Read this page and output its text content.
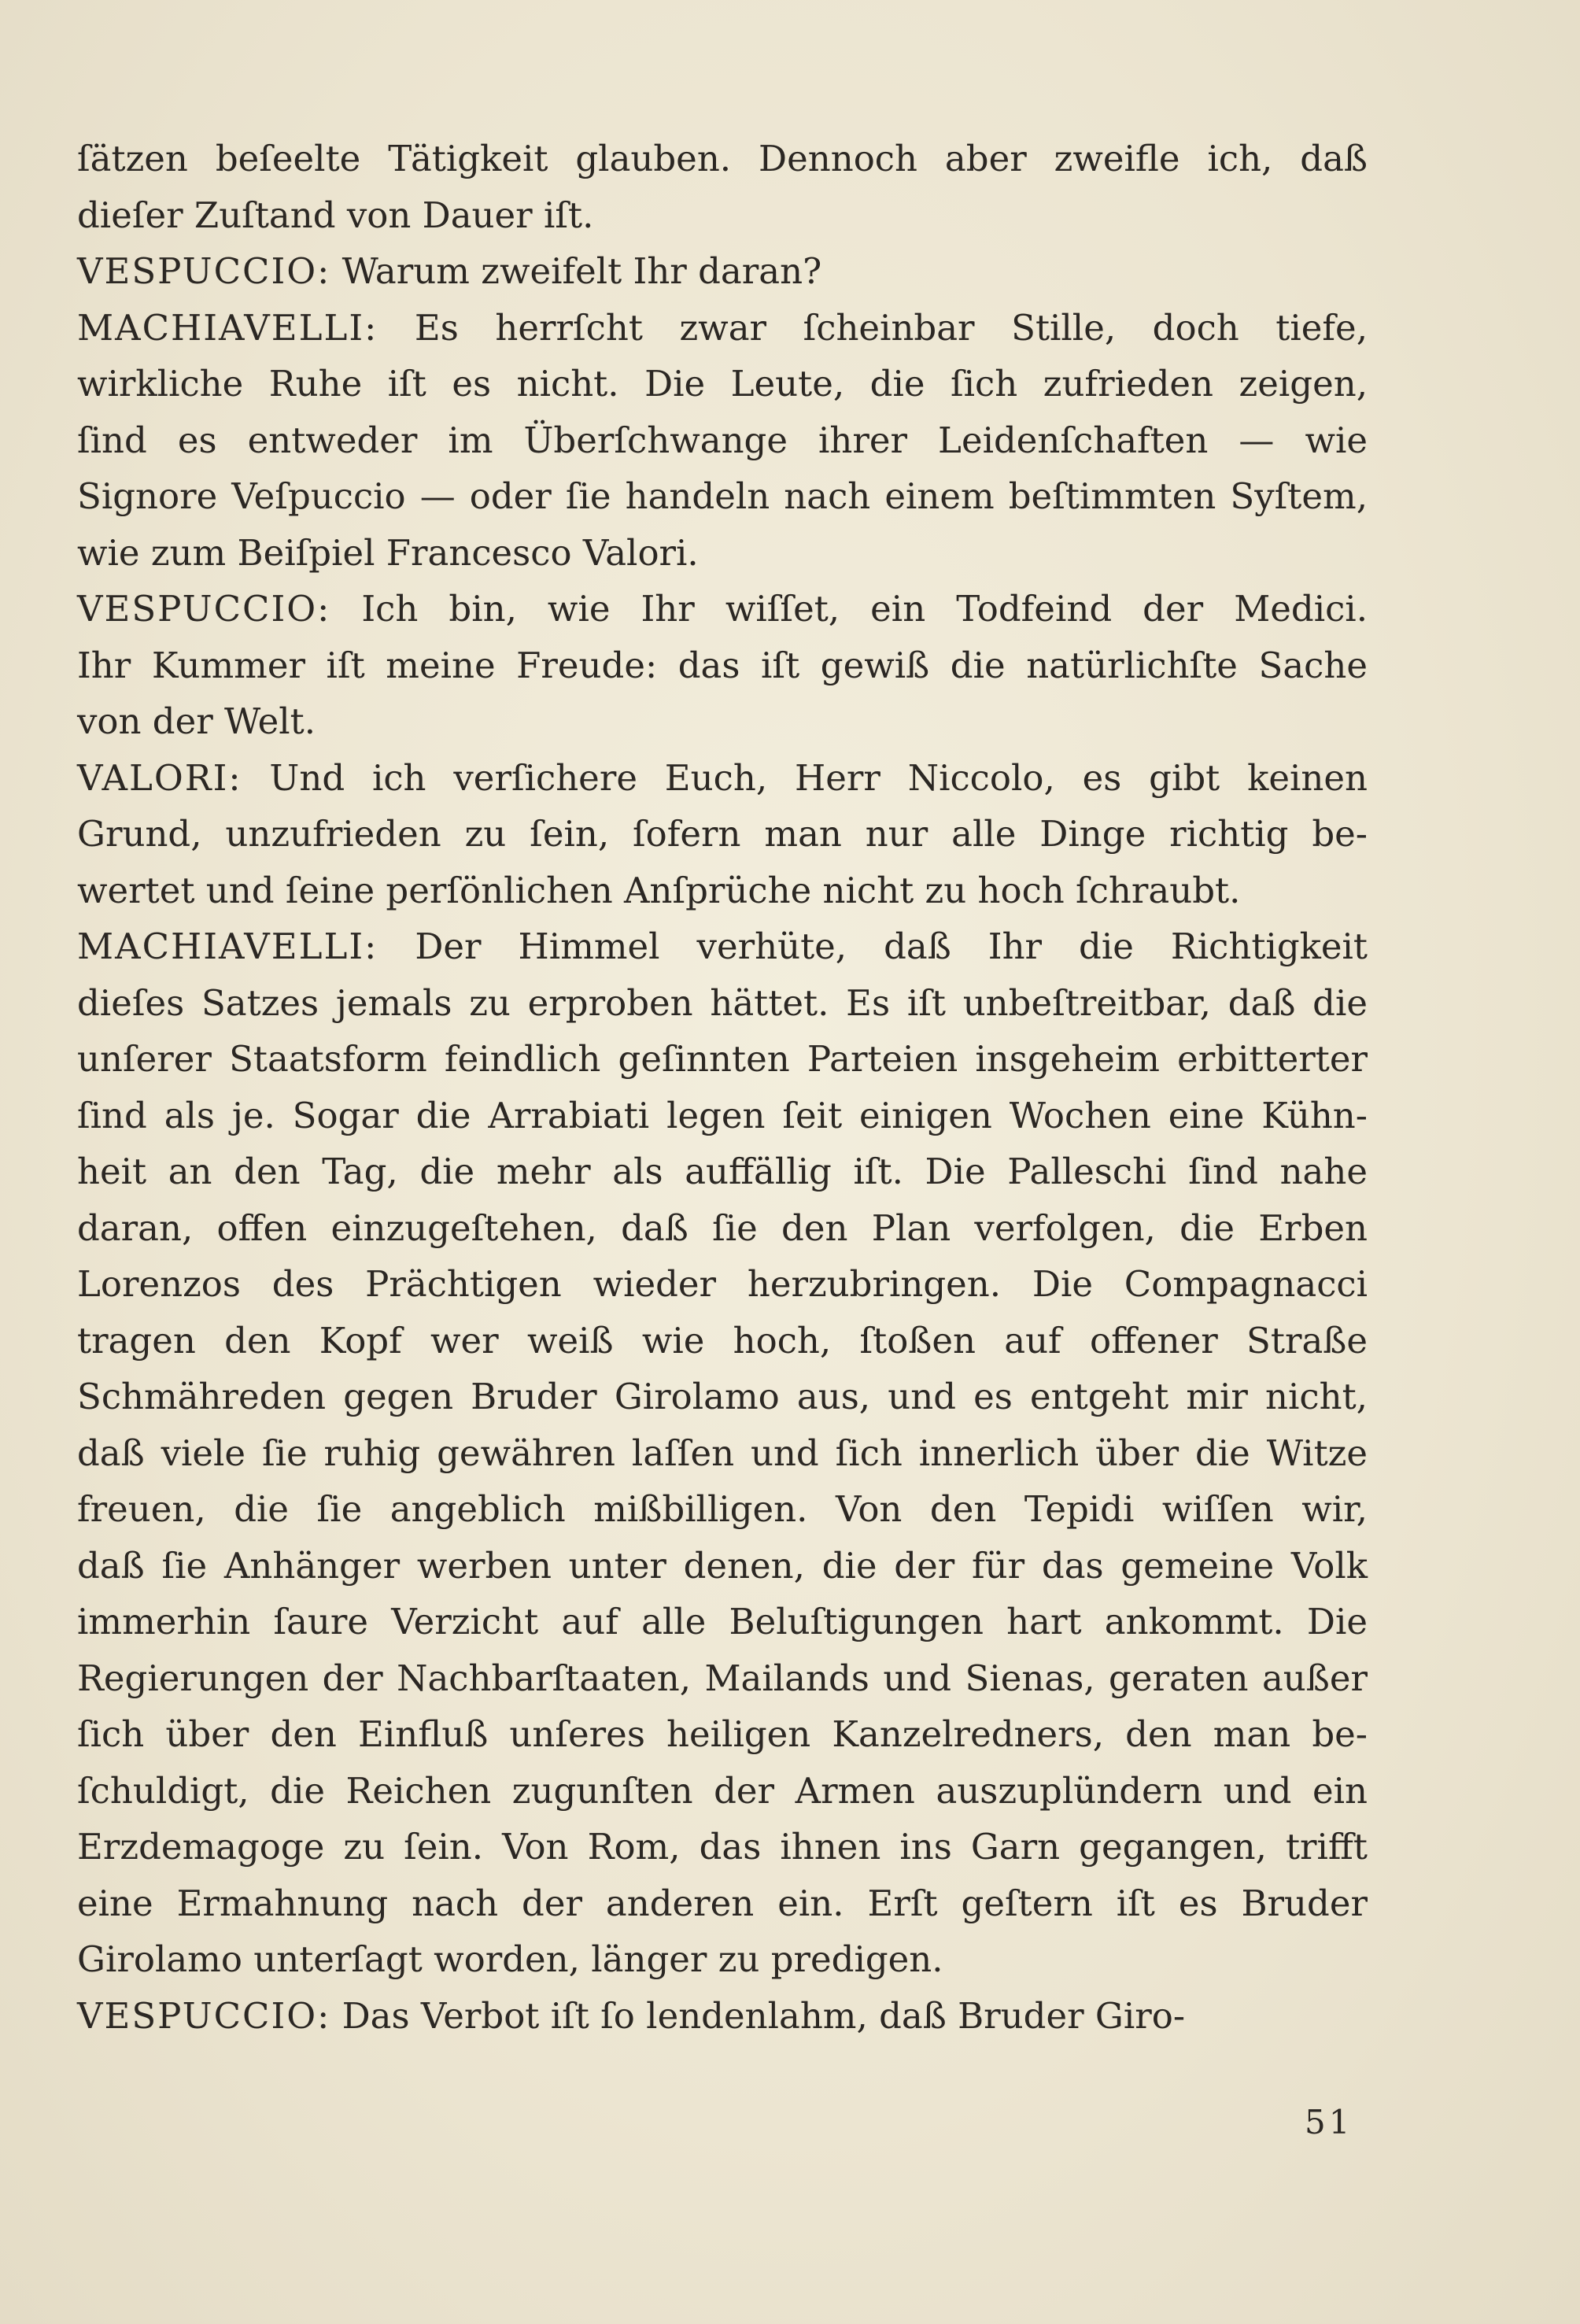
ſätzen beſeelte Tätigkeit glauben. Dennoch aber zweifle ich, daß
dieſer Zuſtand von Dauer iſt.
VESPUCCIO: Warum zweifelt Ihr daran?
MACHIAVELLI: Es herrſcht zwar ſcheinbar Stille, doch tiefe,
wirkliche Ruhe iſt es nicht. Die Leute, die ſich zufrieden zeigen,
ſind es entweder im Überſchwange ihrer Leidenſchaften — wie
Signore Veſpuccio — oder ſie handeln nach einem beſtimmten Syſtem,
wie zum Beiſpiel Francesco Valori.
VESPUCCIO: Ich bin, wie Ihr wiſſet, ein Todfeind der Medici.
Ihr Kummer iſt meine Freude: das iſt gewiß die natürlichſte Sache
von der Welt.
VALORI: Und ich verſichere Euch, Herr Niccolo, es gibt keinen
Grund, unzufrieden zu ſein, ſofern man nur alle Dinge richtig be-
wertet und ſeine perſönlichen Anſprüche nicht zu hoch ſchraubt.
MACHIAVELLI: Der Himmel verhüte, daß Ihr die Richtigkeit
dieſes Satzes jemals zu erproben hättet. Es iſt unbeſtreitbar, daß die
unſerer Staatsform feindlich geſinnten Parteien insgeheim erbitterter
ſind als je. Sogar die Arrabiati legen ſeit einigen Wochen eine Kühn-
heit an den Tag, die mehr als auffällig iſt. Die Palleschi ſind nahe
daran, offen einzugeſtehen, daß ſie den Plan verfolgen, die Erben
Lorenzos des Prächtigen wieder herzubringen. Die Compagnacci
tragen den Kopf wer weiß wie hoch, ſtoßen auf offener Straße
Schmähreden gegen Bruder Girolamo aus, und es entgeht mir nicht,
daß viele ſie ruhig gewähren laſſen und ſich innerlich über die Witze
freuen, die ſie angeblich mißbilligen. Von den Tepidi wiſſen wir,
daß ſie Anhänger werben unter denen, die der für das gemeine Volk
immerhin ſaure Verzicht auf alle Beluſtigungen hart ankommt. Die
Regierungen der Nachbarſtaaten, Mailands und Sienas, geraten außer
ſich über den Einfluß unſeres heiligen Kanzelredners, den man be-
ſchuldigt, die Reichen zugunſten der Armen auszuplündern und ein
Erzdemagoge zu ſein. Von Rom, das ihnen ins Garn gegangen, trifft
eine Ermahnung nach der anderen ein. Erſt geſtern iſt es Bruder
Girolamo unterſagt worden, länger zu predigen.
VESPUCCIO: Das Verbot iſt ſo lendenlahm, daß Bruder Giro-
51
